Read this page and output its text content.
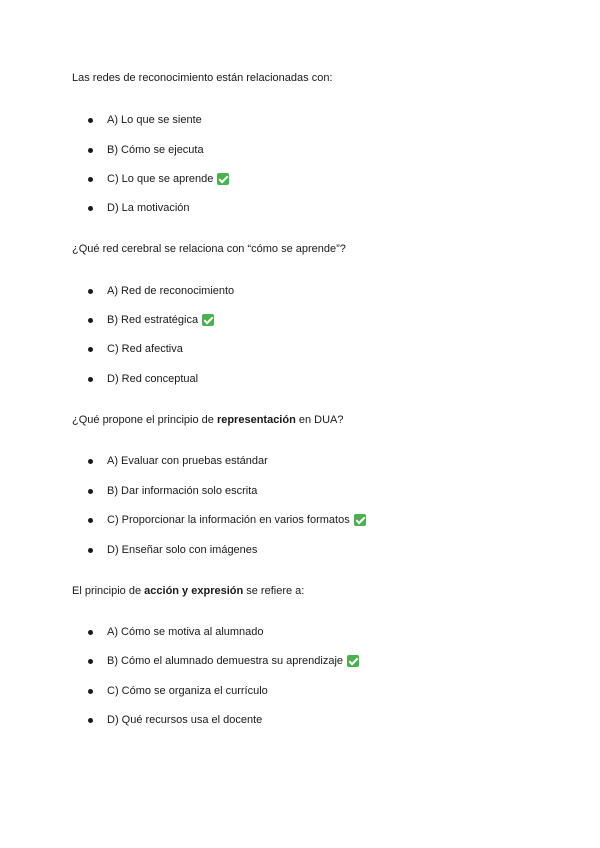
Las redes de reconocimiento están relacionadas con:
A) Lo que se siente
B) Cómo se ejecuta
C) Lo que se aprende
D) La motivación
¿Qué red cerebral se relaciona con “cómo se aprende”?
A) Red de reconocimiento
B) Red estratégica
C) Red afectiva
D) Red conceptual
¿Qué propone el principio de representación en DUA?
A) Evaluar con pruebas estándar
B) Dar información solo escrita
C) Proporcionar la información en varios formatos
D) Enseñar solo con imágenes
El principio de acción y expresión se refiere a:
A) Cómo se motiva al alumnado
B) Cómo el alumnado demuestra su aprendizaje
C) Cómo se organiza el currículo
D) Qué recursos usa el docente
